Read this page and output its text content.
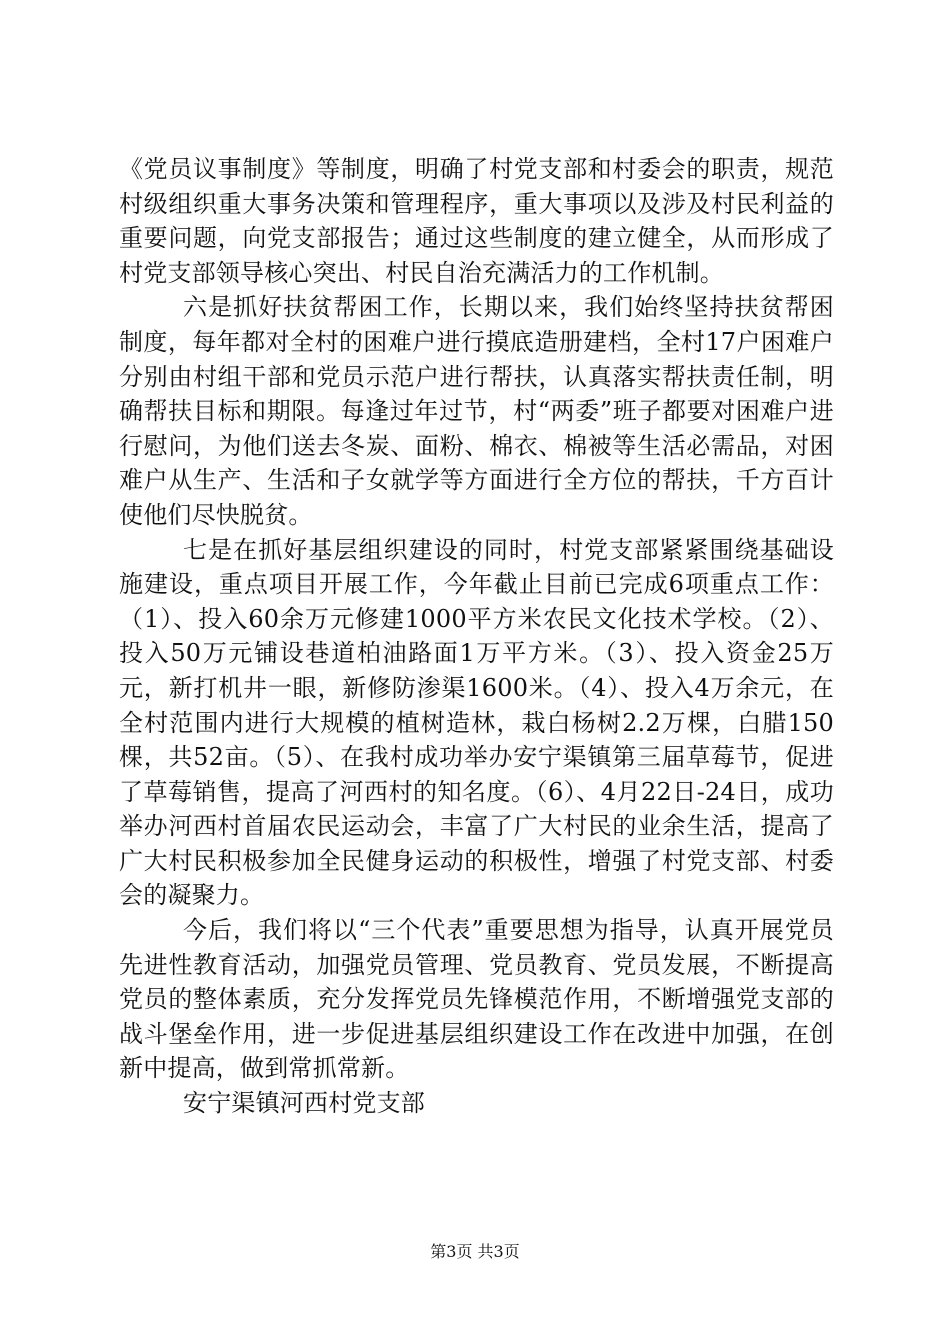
《党员议事制度》等制度，明确了村党支部和村委会的职责，规范村级组织重大事务决策和管理程序，重大事项以及涉及村民利益的重要问题，向党支部报告；通过这些制度的建立健全，从而形成了村党支部领导核心突出、村民自治充满活力的工作机制。

六是抓好扶贫帮困工作，长期以来，我们始终坚持扶贫帮困制度，每年都对全村的困难户进行摸底造册建档，全村17户困难户分别由村组干部和党员示范户进行帮扶，认真落实帮扶责任制，明确帮扶目标和期限。每逢过年过节，村“两委”班子都要对困难户进行慰问，为他们送去冬炭、面粉、棉衣、棉被等生活必需品，对困难户从生产、生活和子女就学等方面进行全方位的帮扶，千方百计使他们尽快脱贫。

七是在抓好基层组织建设的同时，村党支部紧紧围绕基础设施建设，重点项目开展工作，今年截止目前已完成6项重点工作：（1）、投入60余万元修建1000平方米农民文化技术学校。（2）、投入50万元铺设巷道柏油路面1万平方米。（3）、投入资金25万元，新打机井一眼，新修防渗渠1600米。（4）、投入4万余元，在全村范围内进行大规模的植树造林，栽白杨树2.2万棵，白腊150棵，共52亩。（5）、在我村成功举办安宁渠镇第三届草莓节，促进了草莓销售，提高了河西村的知名度。（6）、4月22日-24日，成功举办河西村首届农民运动会，丰富了广大村民的业余生活，提高了广大村民积极参加全民健身运动的积极性，增强了村党支部、村委会的凝聚力。

今后，我们将以“三个代表”重要思想为指导，认真开展党员先进性教育活动，加强党员管理、党员教育、党员发展，不断提高党员的整体素质，充分发挥党员先锋模范作用，不断增强党支部的战斗堡垒作用，进一步促进基层组织建设工作在改进中加强，在创新中提高，做到常抓常新。

安宁渠镇河西村党支部

第3页 共3页
